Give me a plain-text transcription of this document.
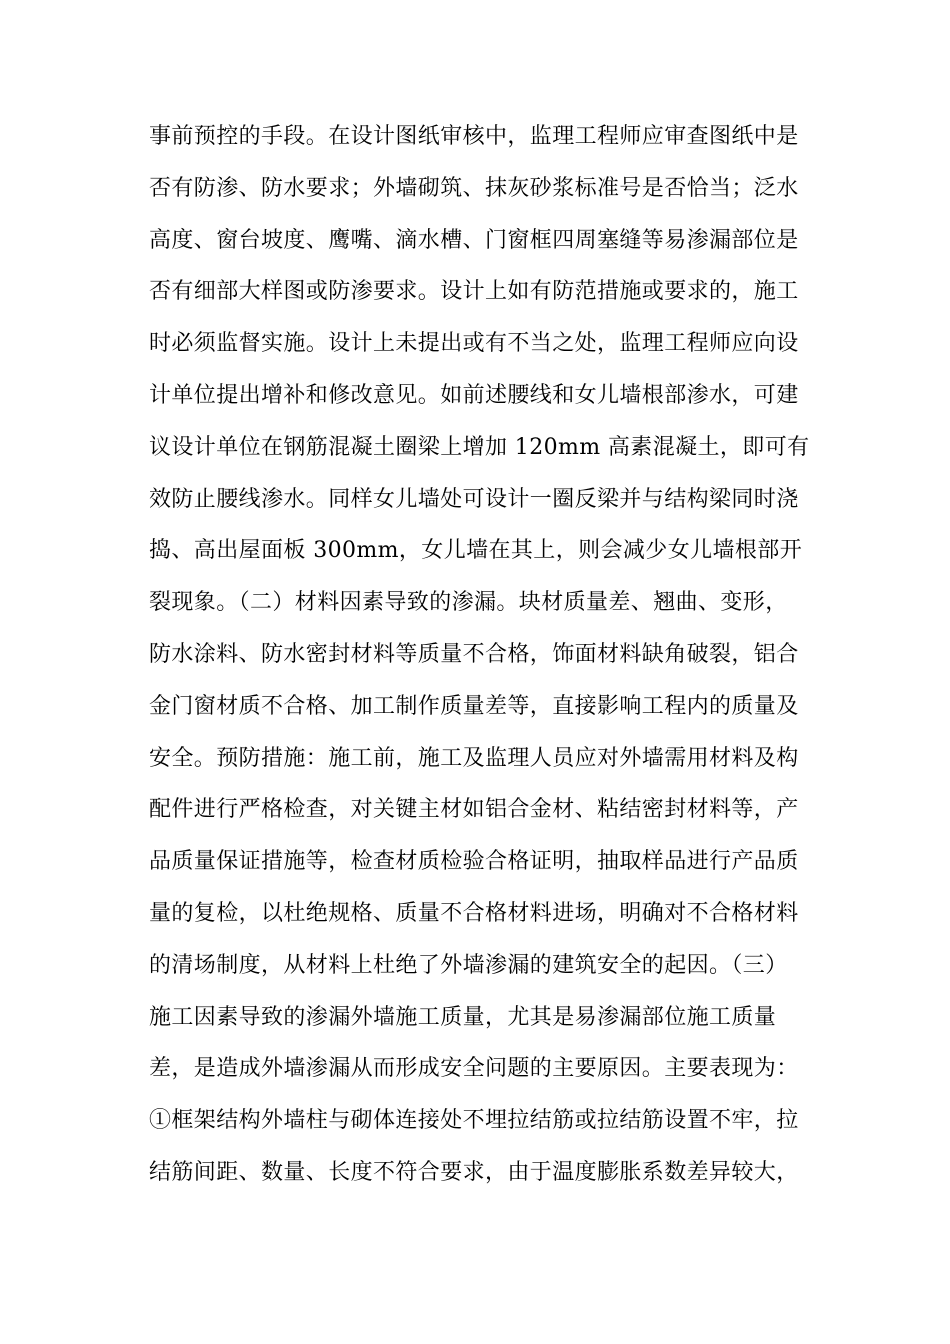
事前预控的手段。在设计图纸审核中，监理工程师应审查图纸中是
否有防渗、防水要求；外墙砌筑、抹灰砂浆标准号是否恰当；泛水
高度、窗台坡度、鹰嘴、滴水槽、门窗框四周塞缝等易渗漏部位是
否有细部大样图或防渗要求。设计上如有防范措施或要求的，施工
时必须监督实施。设计上未提出或有不当之处，监理工程师应向设
计单位提出增补和修改意见。如前述腰线和女儿墙根部渗水，可建
议设计单位在钢筋混凝土圈梁上增加 120mm 高素混凝土，即可有
效防止腰线渗水。同样女儿墙处可设计一圈反梁并与结构梁同时浇
捣、高出屋面板 300mm，女儿墙在其上，则会减少女儿墙根部开
裂现象。（二）材料因素导致的渗漏。块材质量差、翘曲、变形，
防水涂料、防水密封材料等质量不合格，饰面材料缺角破裂，铝合
金门窗材质不合格、加工制作质量差等，直接影响工程内的质量及
安全。预防措施：施工前，施工及监理人员应对外墙需用材料及构
配件进行严格检查，对关键主材如铝合金材、粘结密封材料等，产
品质量保证措施等，检查材质检验合格证明，抽取样品进行产品质
量的复检，以杜绝规格、质量不合格材料进场，明确对不合格材料
的清场制度，从材料上杜绝了外墙渗漏的建筑安全的起因。（三）
施工因素导致的渗漏外墙施工质量，尤其是易渗漏部位施工质量
差，是造成外墙渗漏从而形成安全问题的主要原因。主要表现为：
①框架结构外墙柱与砌体连接处不埋拉结筋或拉结筋设置不牢，拉
结筋间距、数量、长度不符合要求，由于温度膨胀系数差异较大，
